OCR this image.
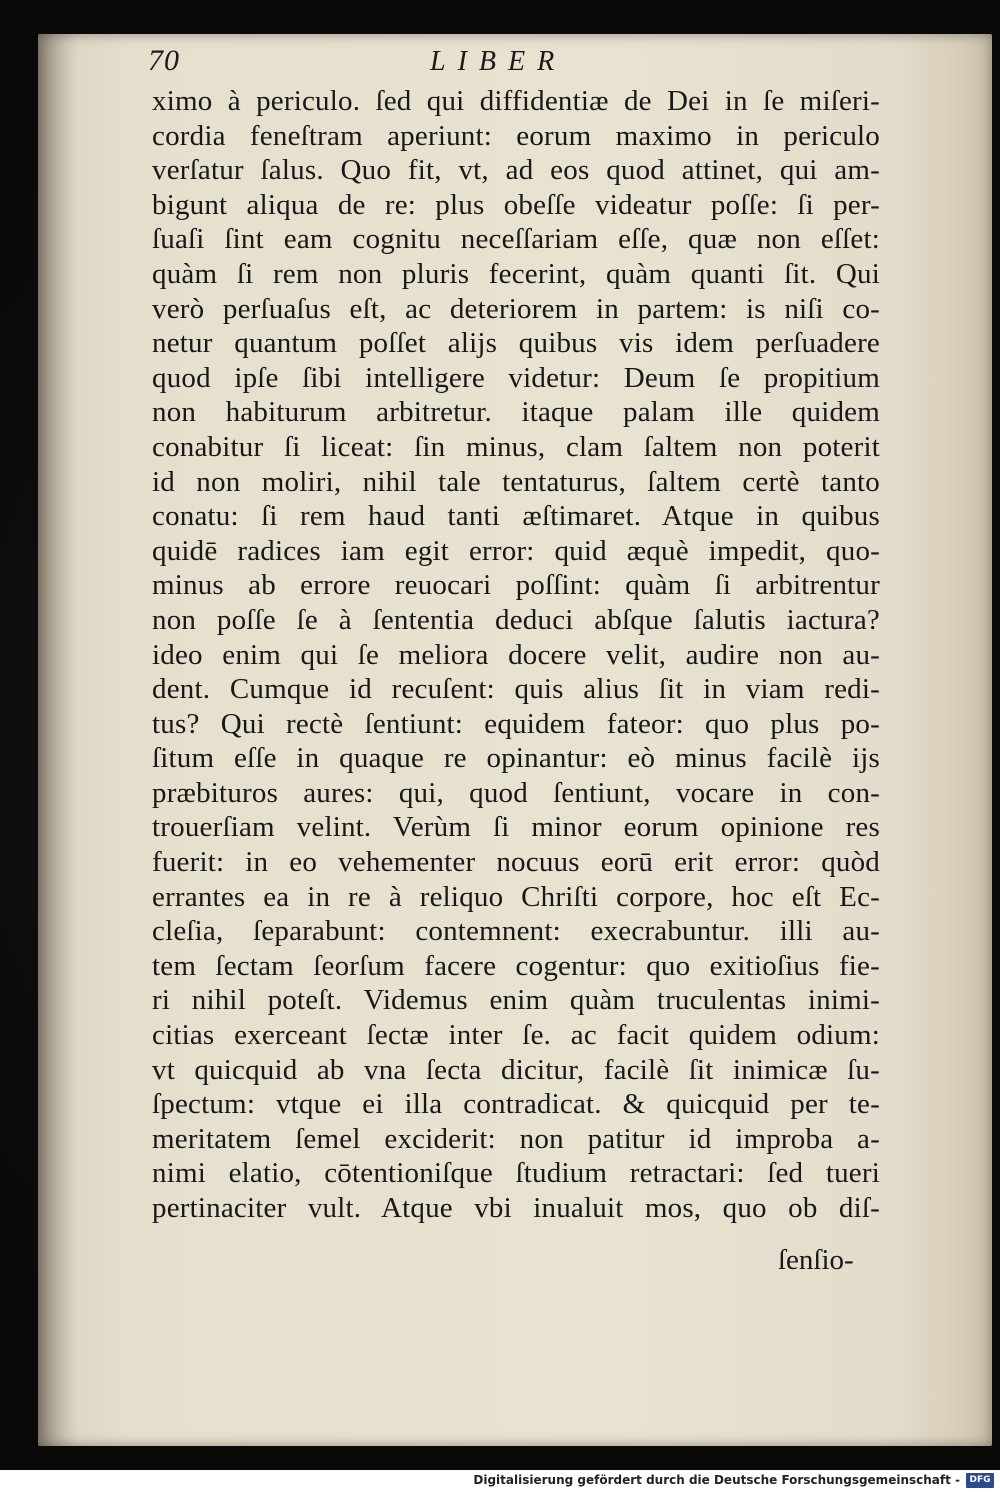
70	LIBER
ximo à periculo. ſed qui diffidentiæ de Dei in ſe miſeri-
cordia feneſtram aperiunt: eorum maximo in periculo
verſatur ſalus. Quo fit, vt, ad eos quod attinet, qui am-
bigunt aliqua de re: plus obeſſe videatur poſſe: ſi per-
ſuaſi ſint eam cognitu neceſſariam eſſe, quæ non eſſet:
quàm ſi rem non pluris fecerint, quàm quanti ſit. Qui
verò perſuaſus eſt, ac deteriorem in partem: is niſi co-
netur quantum poſſet alijs quibus vis idem perſuadere
quod ipſe ſibi intelligere videtur: Deum ſe propitium
non habiturum arbitretur. itaque palam ille quidem
conabitur ſi liceat: ſin minus, clam ſaltem non poterit
id non moliri, nihil tale tentaturus, ſaltem certè tanto
conatu: ſi rem haud tanti æſtimaret. Atque in quibus
quidē radices iam egit error: quid æquè impedit, quo-
minus ab errore reuocari poſſint: quàm ſi arbitrentur
non poſſe ſe à ſententia deduci abſque ſalutis iactura?
ideo enim qui ſe meliora docere velit, audire non au-
dent. Cumque id recuſent: quis alius ſit in viam redi-
tus? Qui rectè ſentiunt: equidem fateor: quo plus po-
ſitum eſſe in quaque re opinantur: eò minus facilè ijs
præbituros aures: qui, quod ſentiunt, vocare in con-
trouerſiam velint. Verùm ſi minor eorum opinione res
fuerit: in eo vehementer nocuus eorū erit error: quòd
errantes ea in re à reliquo Chriſti corpore, hoc eſt Ec-
cleſia, ſeparabunt: contemnent: execrabuntur. illi au-
tem ſectam ſeorſum facere cogentur: quo exitioſius fie-
ri nihil poteſt. Videmus enim quàm truculentas inimi-
citias exerceant ſectæ inter ſe. ac facit quidem odium:
vt quicquid ab vna ſecta dicitur, facilè ſit inimicæ ſu-
ſpectum: vtque ei illa contradicat. & quicquid per te-
meritatem ſemel exciderit: non patitur id improba a-
nimi elatio, cōtentioniſque ſtudium retractari: ſed tueri
pertinaciter vult. Atque vbi inualuit mos, quo ob diſ-
ſenſio-
Digitalisierung gefördert durch die Deutsche Forschungsgemeinschaft -	DFG
